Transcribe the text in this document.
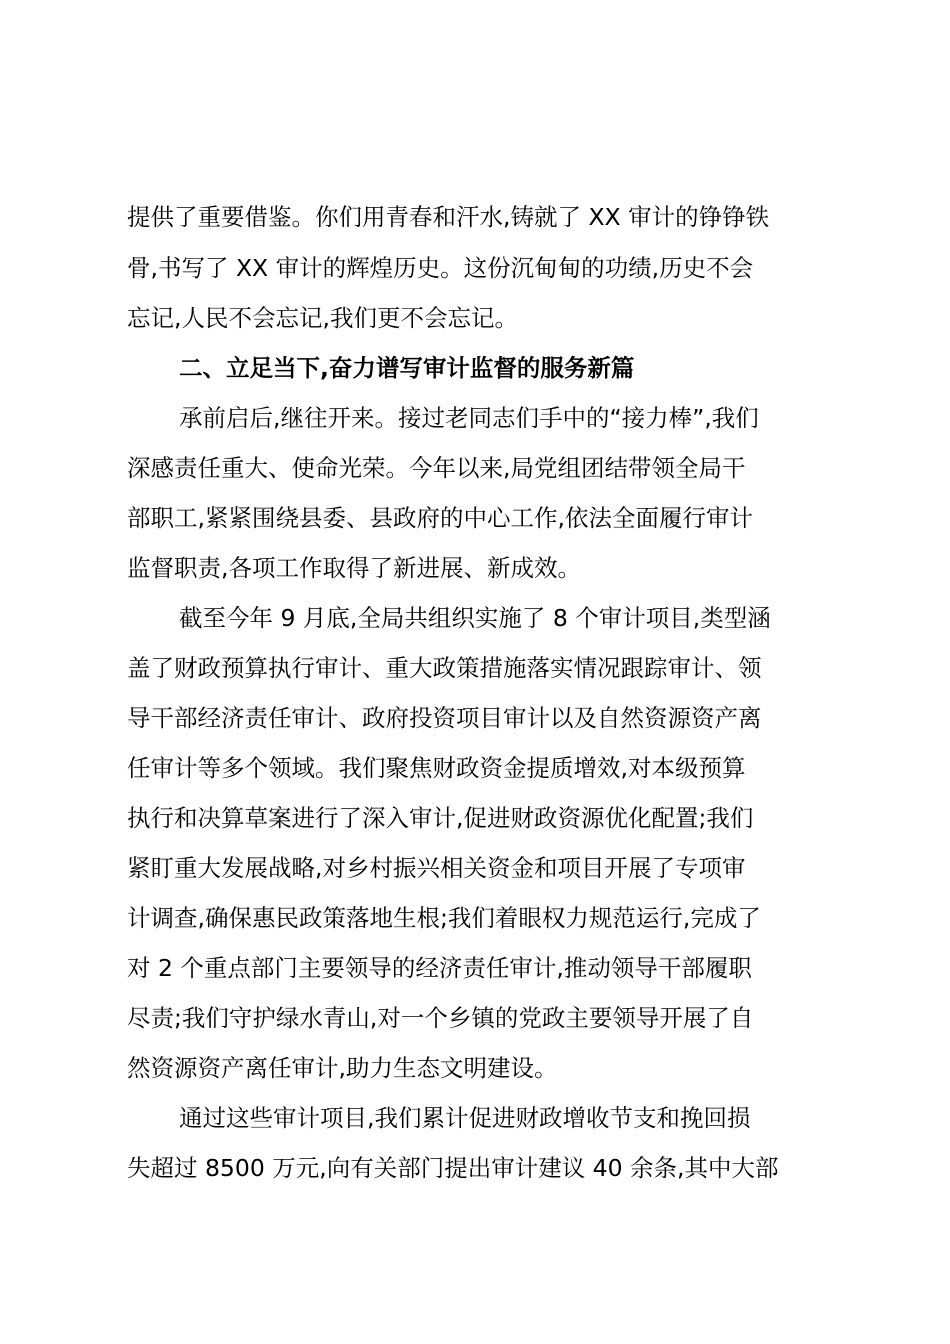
提供了重要借鉴。你们用青春和汗水,铸就了 XX 审计的铮铮铁
骨,书写了 XX 审计的辉煌历史。这份沉甸甸的功绩,历史不会
忘记,人民不会忘记,我们更不会忘记。
二、立足当下,奋力谱写审计监督的服务新篇
承前启后,继往开来。接过老同志们手中的“接力棒”,我们
深感责任重大、使命光荣。今年以来,局党组团结带领全局干
部职工,紧紧围绕县委、县政府的中心工作,依法全面履行审计
监督职责,各项工作取得了新进展、新成效。
截至今年 9 月底,全局共组织实施了 8 个审计项目,类型涵
盖了财政预算执行审计、重大政策措施落实情况跟踪审计、领
导干部经济责任审计、政府投资项目审计以及自然资源资产离
任审计等多个领域。我们聚焦财政资金提质增效,对本级预算
执行和决算草案进行了深入审计,促进财政资源优化配置;我们
紧盯重大发展战略,对乡村振兴相关资金和项目开展了专项审
计调查,确保惠民政策落地生根;我们着眼权力规范运行,完成了
对 2 个重点部门主要领导的经济责任审计,推动领导干部履职
尽责;我们守护绿水青山,对一个乡镇的党政主要领导开展了自
然资源资产离任审计,助力生态文明建设。
通过这些审计项目,我们累计促进财政增收节支和挽回损
失超过 8500 万元,向有关部门提出审计建议 40 余条,其中大部
